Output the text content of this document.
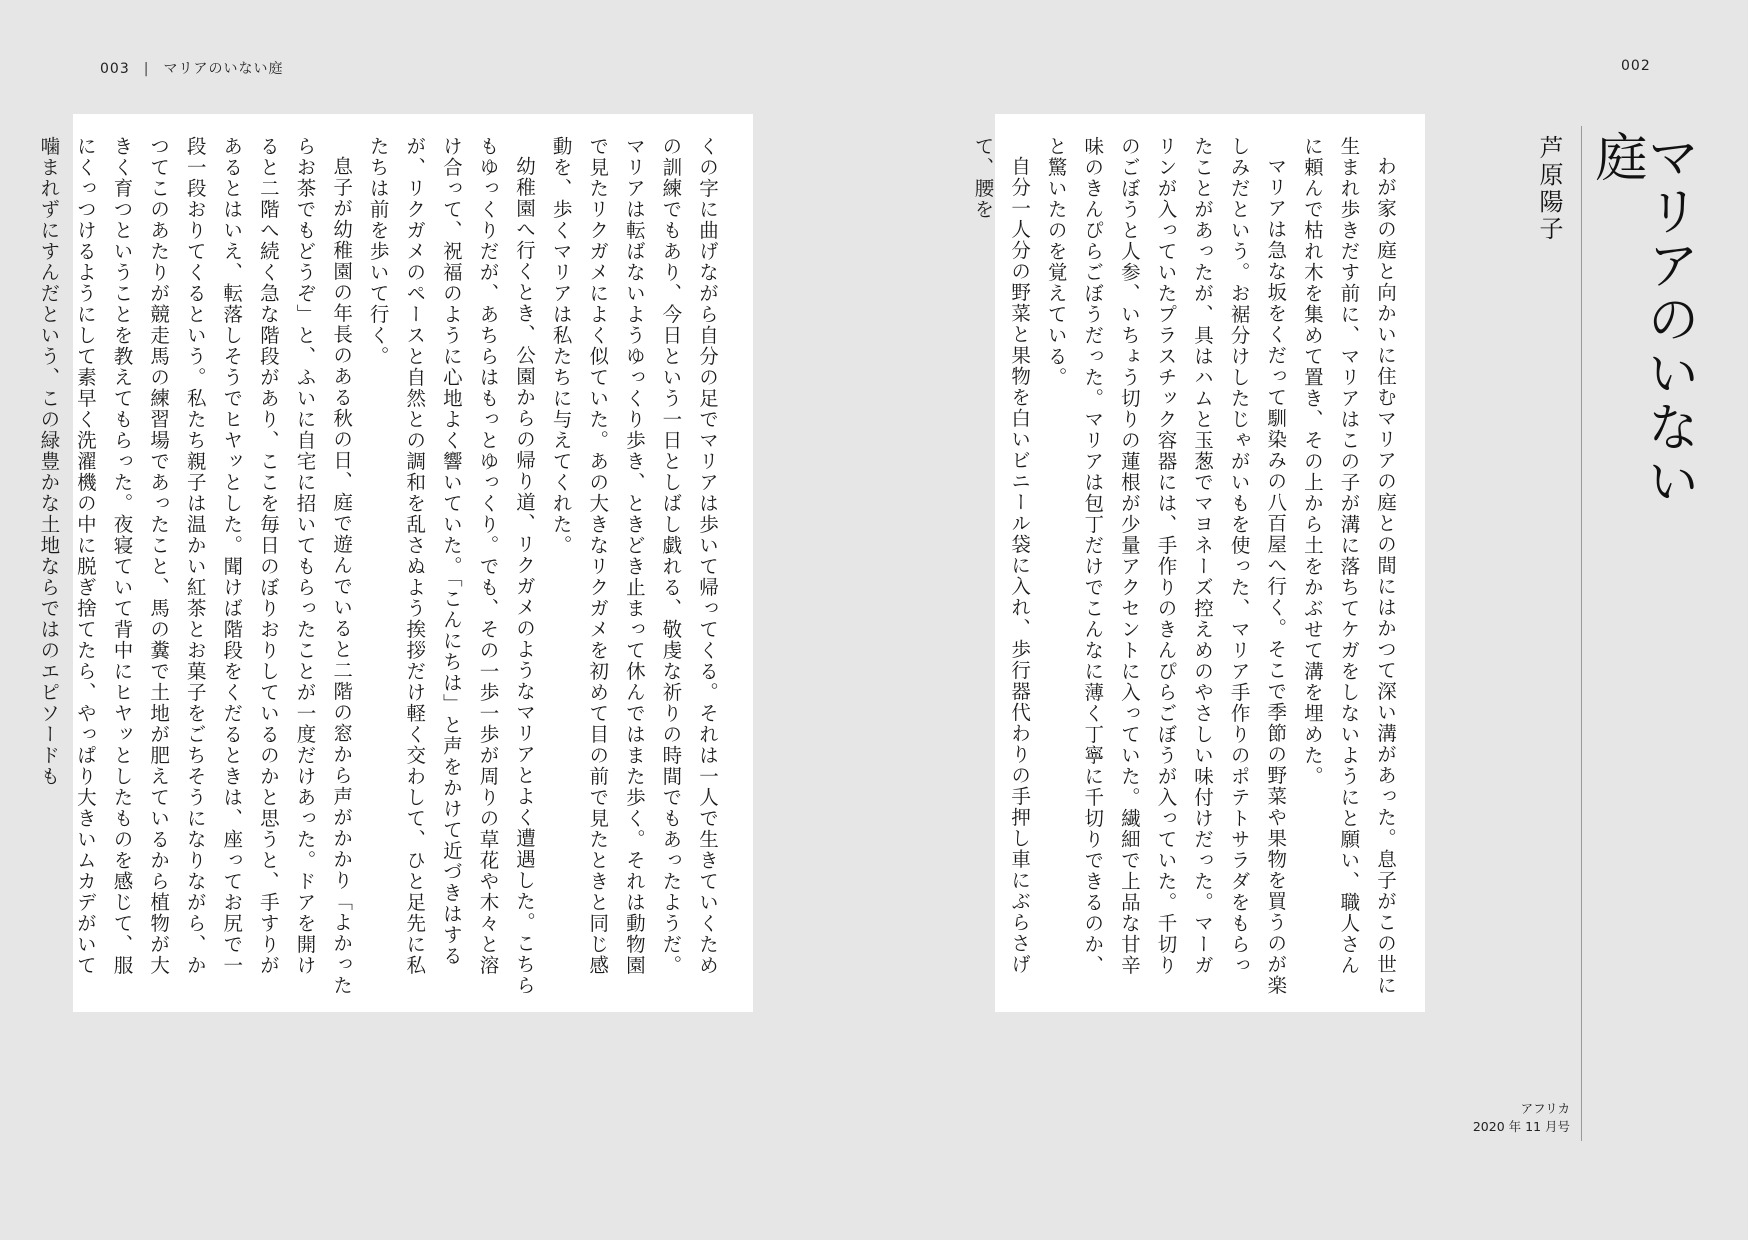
003 | マリアのいない庭	002

くの字に曲げながら自分の足でマリアは歩いて帰ってくる。それは一人で生きていくための訓練でもあり、今日という一日としばし戯れる、敬虔な祈りの時間でもあったようだ。マリアは転ばないようゆっくり歩き、ときどき止まって休んではまた歩く。それは動物園で見たリクガメによく似ていた。あの大きなリクガメを初めて目の前で見たときと同じ感動を、歩くマリアは私たちに与えてくれた。

幼稚園へ行くとき、公園からの帰り道、リクガメのようなマリアとよく遭遇した。こちらもゆっくりだが、あちらはもっとゆっくり。でも、その一歩一歩が周りの草花や木々と溶け合って、祝福のように心地よく響いていた。「こんにちは」と声をかけて近づきはするが、リクガメのペースと自然との調和を乱さぬよう挨拶だけ軽く交わして、ひと足先に私たちは前を歩いて行く。

息子が幼稚園の年長のある秋の日、庭で遊んでいると二階の窓から声がかかり「よかったらお茶でもどうぞ」と、ふいに自宅に招いてもらったことが一度だけあった。ドアを開けると二階へ続く急な階段があり、ここを毎日のぼりおりしているのかと思うと、手すりがあるとはいえ、転落しそうでヒヤッとした。聞けば階段をくだるときは、座ってお尻で一段一段おりてくるという。私たち親子は温かい紅茶とお菓子をごちそうになりながら、かつてこのあたりが競走馬の練習場であったこと、馬の糞で土地が肥えているから植物が大きく育つということを教えてもらった。夜寝ていて背中にヒヤッとしたものを感じて、服にくっつけるようにして素早く洗濯機の中に脱ぎ捨てたら、やっぱり大きいムカデがいて噛まれずにすんだという、この緑豊かな土地ならではのエピソードも	わが家の庭と向かいに住むマリアの庭との間にはかつて深い溝があった。息子がこの世に生まれ歩きだす前に、マリアはこの子が溝に落ちてケガをしないようにと願い、職人さんに頼んで枯れ木を集めて置き、その上から土をかぶせて溝を埋めた。

マリアは急な坂をくだって馴染みの八百屋へ行く。そこで季節の野菜や果物を買うのが楽しみだという。お裾分けしたじゃがいもを使った、マリア手作りのポテトサラダをもらったことがあったが、具はハムと玉葱でマヨネーズ控えめのやさしい味付けだった。マーガリンが入っていたプラスチック容器には、手作りのきんぴらごぼうが入っていた。千切りのごぼうと人参、いちょう切りの蓮根が少量アクセントに入っていた。繊細で上品な甘辛味のきんぴらごぼうだった。マリアは包丁だけでこんなに薄く丁寧に千切りできるのか、と驚いたのを覚えている。

自分一人分の野菜と果物を白いビニール袋に入れ、歩行器代わりの手押し車にぶらさげて、腰を	マリアのいない庭
芦原陽子
アフリカ
2020 年 11 月号
